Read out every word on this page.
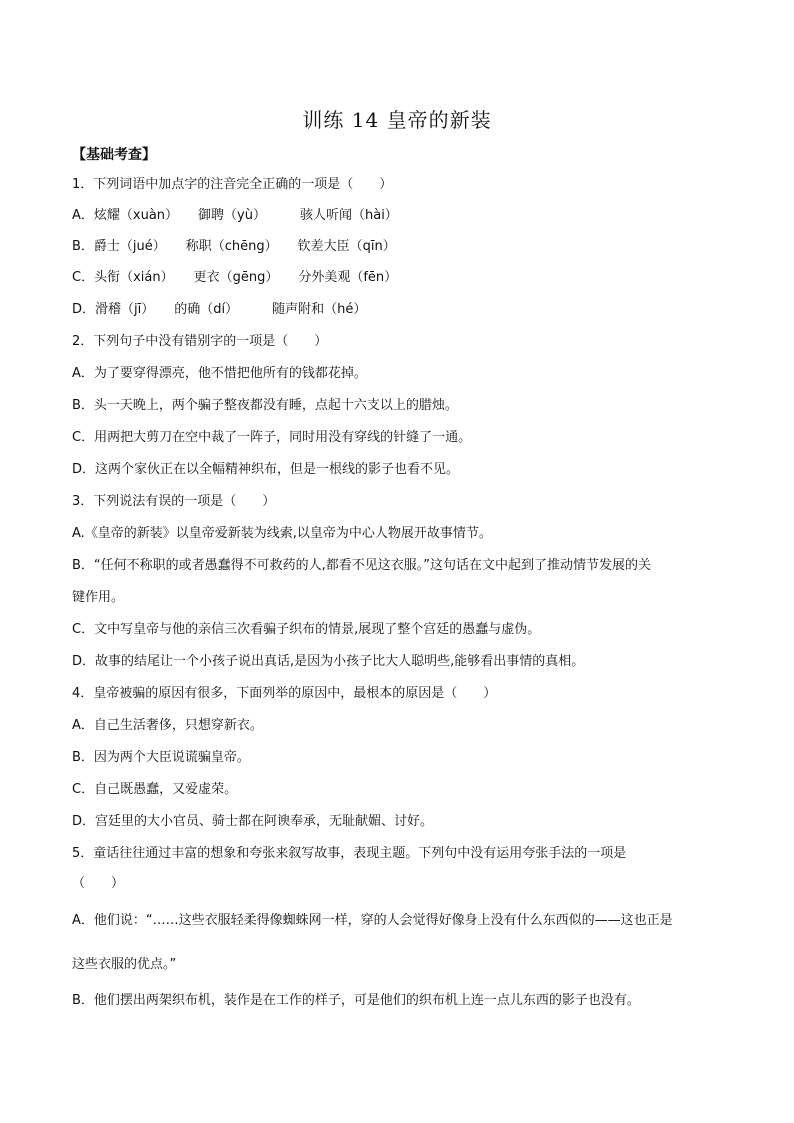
训练 14 皇帝的新装
【基础考查】
1．下列词语中加点字的注音完全正确的一项是（　　）
A．炫耀（xuàn） 御聘（yù）	骇人听闻（hài）
B．爵士（jué） 称职（chēng） 钦差大臣（qīn）
C．头衔（xián） 更衣（gēng） 分外美观（fēn）
D．滑稽（jī） 的确（dí）	随声附和（hé）
2．下列句子中没有错别字的一项是（　　）
A．为了要穿得漂亮，他不惜把他所有的钱都花掉。
B．头一天晚上，两个骗子整夜都没有睡，点起十六支以上的腊烛。
C．用两把大剪刀在空中裁了一阵子，同时用没有穿线的针缝了一通。
D．这两个家伙正在以全幅精神织布，但是一根线的影子也看不见。
3．下列说法有误的一项是（　　）
A.《皇帝的新装》以皇帝爱新装为线索,以皇帝为中心人物展开故事情节。
B．“任何不称职的或者愚蠢得不可救药的人,都看不见这衣服。”这句话在文中起到了推动情节发展的关
键作用。
C．文中写皇帝与他的亲信三次看骗子织布的情景,展现了整个宫廷的愚蠢与虚伪。
D．故事的结尾让一个小孩子说出真话,是因为小孩子比大人聪明些,能够看出事情的真相。
4．皇帝被骗的原因有很多，下面列举的原因中，最根本的原因是（　　）
A．自己生活奢侈，只想穿新衣。
B．因为两个大臣说谎骗皇帝。
C．自己既愚蠢，又爱虚荣。
D．宫廷里的大小官员、骑士都在阿谀奉承，无耻献媚、讨好。
5．童话往往通过丰富的想象和夸张来叙写故事，表现主题。下列句中没有运用夸张手法的一项是
（　　）
A．他们说：“……这些衣服轻柔得像蜘蛛网一样，穿的人会觉得好像身上没有什么东西似的——这也正是
这些衣服的优点。”
B．他们摆出两架织布机，装作是在工作的样子，可是他们的织布机上连一点儿东西的影子也没有。
